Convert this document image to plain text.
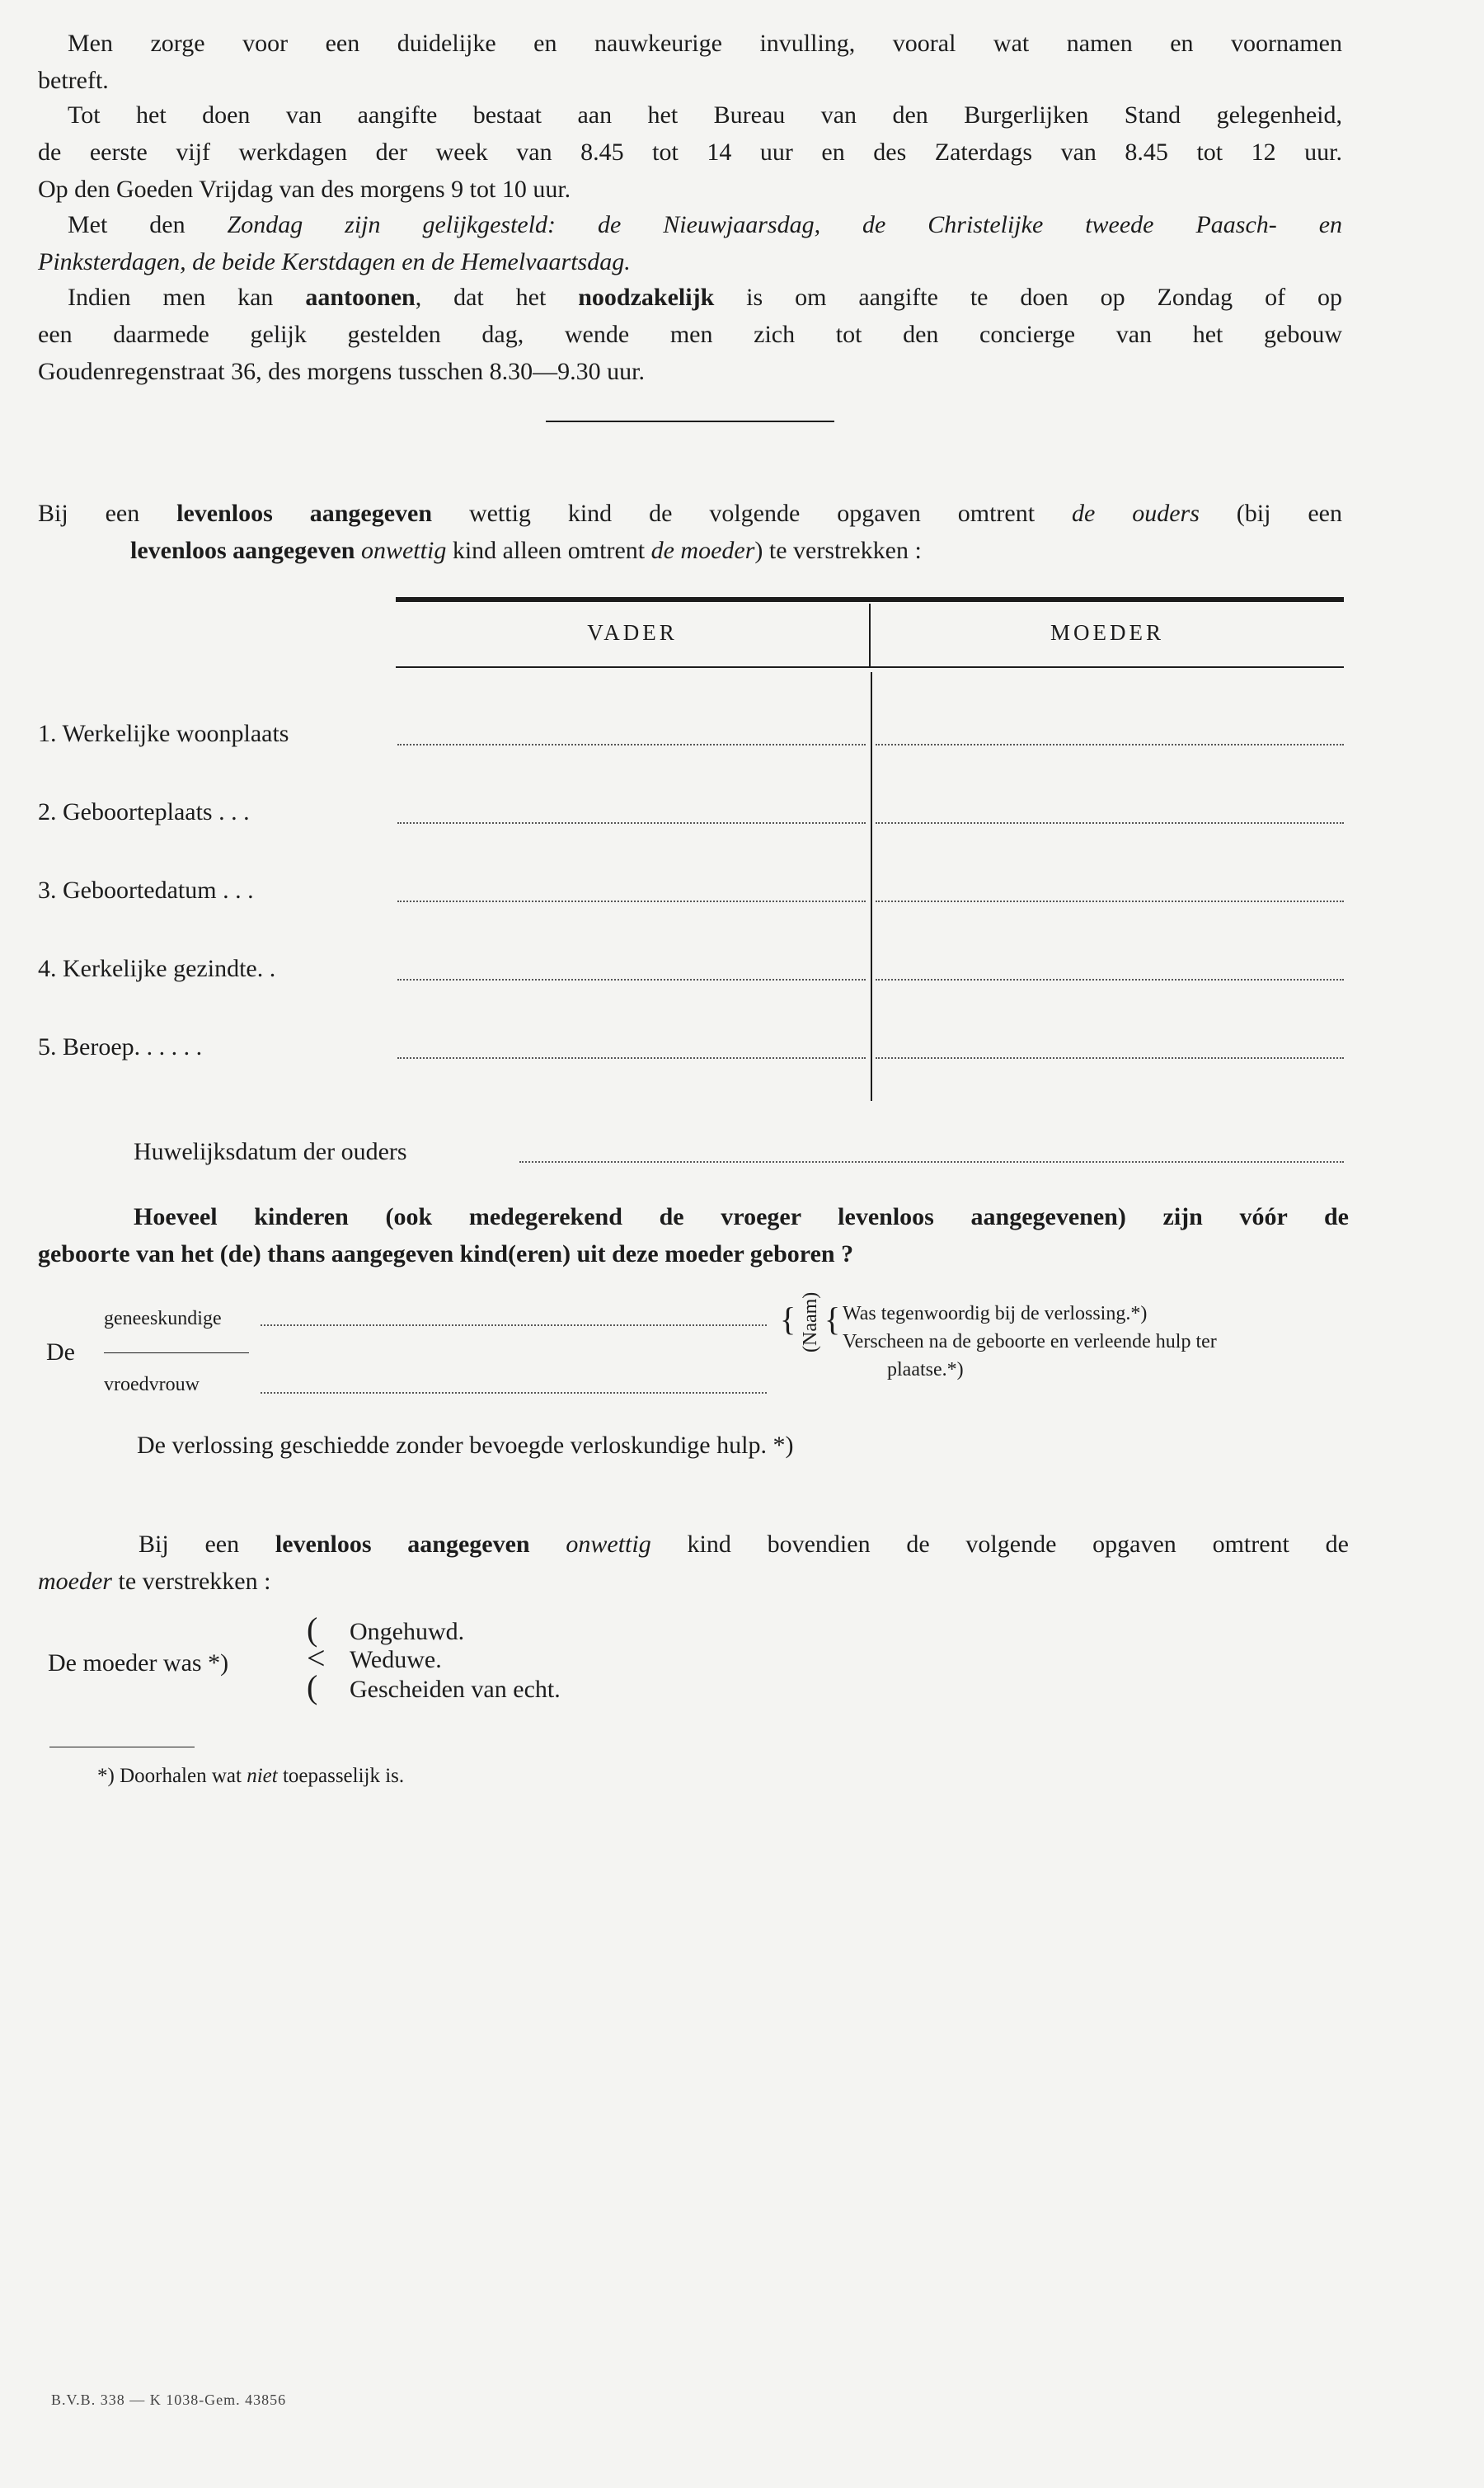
Men zorge voor een duidelijke en nauwkeurige invulling, vooral wat namen en voornamen
betreft.
Tot het doen van aangifte bestaat aan het Bureau van den Burgerlijken Stand gelegenheid,
de eerste vijf werkdagen der week van 8.45 tot 14 uur en des Zaterdags van 8.45 tot 12 uur.
Op den Goeden Vrijdag van des morgens 9 tot 10 uur.
Met den Zondag zijn gelijkgesteld: de Nieuwjaarsdag, de Christelijke tweede Paasch- en
Pinksterdagen, de beide Kerstdagen en de Hemelvaartsdag.
Indien men kan aantoonen, dat het noodzakelijk is om aangifte te doen op Zondag of op
een daarmede gelijk gestelden dag, wende men zich tot den concierge van het gebouw
Goudenregenstraat 36, des morgens tusschen 8.30—9.30 uur.
Bij een levenloos aangegeven wettig kind de volgende opgaven omtrent de ouders (bij een
levenloos aangegeven onwettig kind alleen omtrent de moeder) te verstrekken :
VADER	MOEDER
1. Werkelijke woonplaats
2. Geboorteplaats . . .
3. Geboortedatum . . .
4. Kerkelijke gezindte. .
5. Beroep. . . . . .
Huwelijksdatum der ouders
Hoeveel kinderen (ook medegerekend de vroeger levenloos aangegevenen) zijn vóór de
geboorte van het (de) thans aangegeven kind(eren) uit deze moeder geboren ?
geneeskundige
De
vroedvrouw
{ (Naam) { Was tegenwoordig bij de verlossing.*)
Verscheen na de geboorte en verleende hulp ter
plaatse.*)
De verlossing geschiedde zonder bevoegde verloskundige hulp. *)
Bij een levenloos aangegeven onwettig kind bovendien de volgende opgaven omtrent de
moeder te verstrekken :
De moeder was *)
(
<
(
Ongehuwd.
Weduwe.
Gescheiden van echt.
*) Doorhalen wat niet toepasselijk is.
B.V.B. 338 — K 1038-Gem. 43856
